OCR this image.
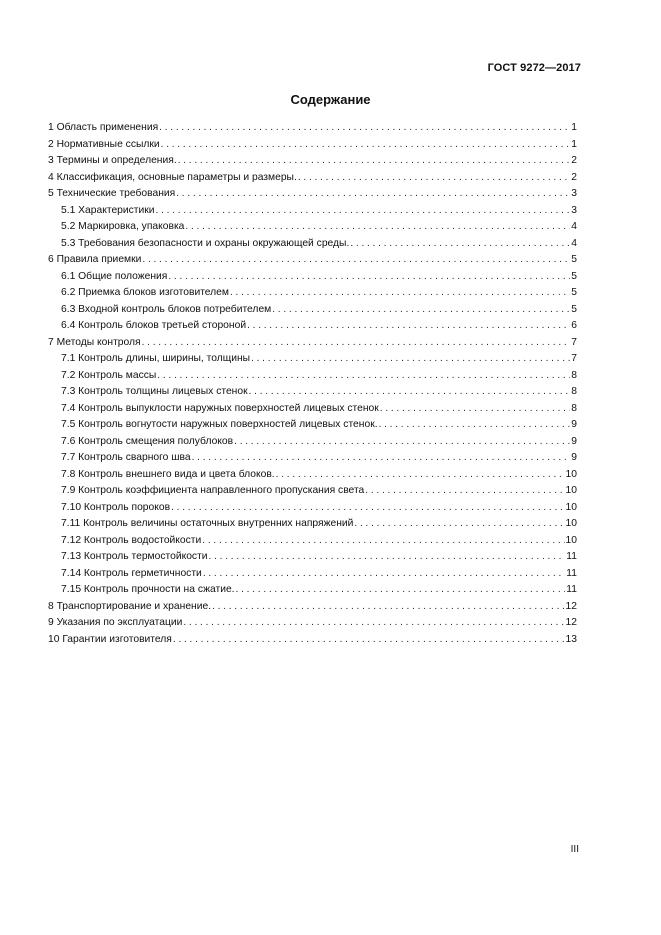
ГОСТ 9272—2017
Содержание
1 Область применения . . .	1
2 Нормативные ссылки . . .	1
3 Термины и определения. . . .	2
4 Классификация, основные параметры и размеры. . . .	2
5 Технические требования . . .	3
5.1 Характеристики . . .	3
5.2 Маркировка, упаковка . . .	4
5.3 Требования безопасности и охраны окружающей среды. . . .	4
6 Правила приемки . . .	5
6.1 Общие положения . . .	5
6.2 Приемка блоков изготовителем . . .	5
6.3 Входной контроль блоков потребителем . . .	5
6.4 Контроль блоков третьей стороной . . .	6
7 Методы контроля . . .	7
7.1 Контроль длины, ширины, толщины . . .	7
7.2 Контроль массы . . .	8
7.3 Контроль толщины лицевых стенок . . .	8
7.4 Контроль выпуклости наружных поверхностей лицевых стенок . . .	8
7.5 Контроль вогнутости наружных поверхностей лицевых стенок. . . .	9
7.6 Контроль смещения полублоков . . .	9
7.7 Контроль сварного шва . . .	9
7.8 Контроль внешнего вида и цвета блоков. . . .	10
7.9 Контроль коэффициента направленного пропускания света . . .	10
7.10 Контроль пороков . . .	10
7.11 Контроль величины остаточных внутренних напряжений . . .	10
7.12 Контроль водостойкости . . .	10
7.13 Контроль термостойкости . . .	11
7.14 Контроль герметичности . . .	11
7.15 Контроль прочности на сжатие. . . .	11
8 Транспортирование и хранение. . . .	12
9 Указания по эксплуатации . . .	12
10 Гарантии изготовителя . . .	13
III
